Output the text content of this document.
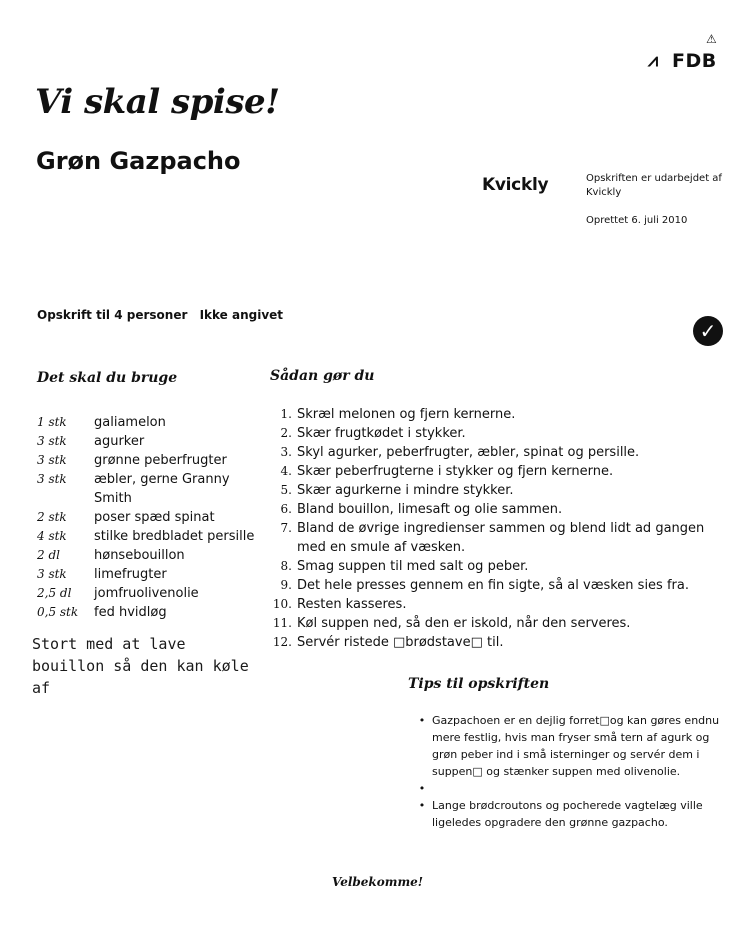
⚠
⩘ FDB
Vi skal spise!
Grøn Gazpacho
Kvickly	Opskriften er udarbejdet af Kvickly
Oprettet 6. juli 2010
Opskrift til 4 personer Ikke angivet
✓
Det skal du bruge	Sådan gør du
1 stk	galiamelon
3 stk	agurker
3 stk	grønne peberfrugter
3 stk	æbler, gerne Granny Smith
2 stk	poser spæd spinat
4 stk	stilke bredbladet persille
2 dl	hønsebouillon
3 stk	limefrugter
2,5 dl	jomfruolivenolie
0,5 stk	fed hvidløg
Stort med at lave bouillon så den kan køle af
1. Skræl melonen og fjern kernerne.
2. Skær frugtkødet i stykker.
3. Skyl agurker, peberfrugter, æbler, spinat og persille.
4. Skær peberfrugterne i stykker og fjern kernerne.
5. Skær agurkerne i mindre stykker.
6. Bland bouillon, limesaft og olie sammen.
7. Bland de øvrige ingredienser sammen og blend lidt ad gangen med en smule af væsken.
8. Smag suppen til med salt og peber.
9. Det hele presses gennem en fin sigte, så al væsken sies fra.
10. Resten kasseres.
11. Køl suppen ned, så den er iskold, når den serveres.
12. Servér ristede □brødstave□ til.
Tips til opskriften
• Gazpachoen er en dejlig forret□og kan gøres endnu mere festlig, hvis man fryser små tern af agurk og grøn peber ind i små isterninger og servér dem i suppen□ og stænker suppen med olivenolie.
•
• Lange brødcroutons og pocherede vagtelæg ville ligeledes opgradere den grønne gazpacho.
Velbekomme!
